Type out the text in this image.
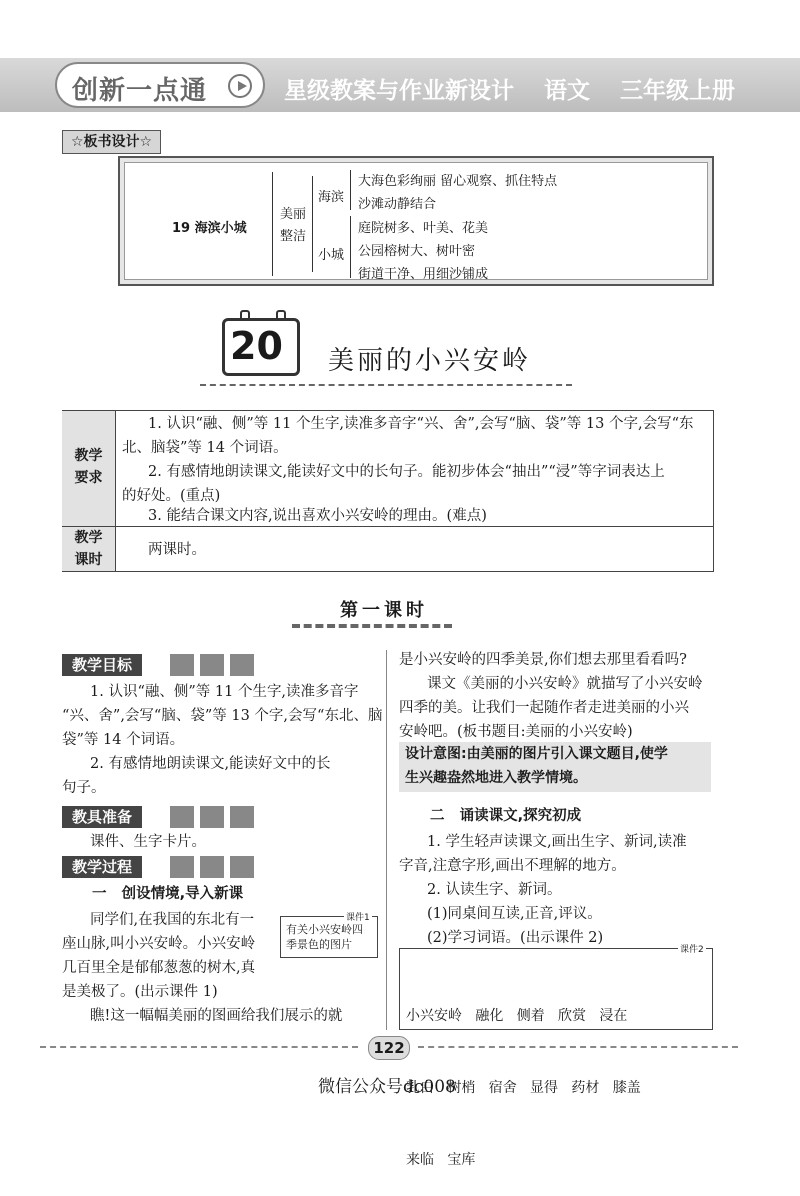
创新一点通	星级教案与作业新设计 语文 三年级上册
☆板书设计☆
19 海滨小城
美丽
整洁
海滨
小城
大海色彩绚丽 留心观察、抓住特点
沙滩动静结合
庭院树多、叶美、花美
公园榕树大、树叶密
街道干净、用细沙铺成
20 美丽的小兴安岭
教学
要求
教学
课时
1. 认识“融、侧”等 11 个生字,读准多音字“兴、舍”,会写“脑、袋”等 13 个字,会写“东
北、脑袋”等 14 个词语。
2. 有感情地朗读课文,能读好文中的长句子。能初步体会“抽出”“浸”等字词表达上
的好处。(重点)
3. 能结合课文内容,说出喜欢小兴安岭的理由。(难点)
两课时。
第一课时
教学目标
1. 认识“融、侧”等 11 个生字,读准多音字
“兴、舍”,会写“脑、袋”等 13 个字,会写“东北、脑
袋”等 14 个词语。
2. 有感情地朗读课文,能读好文中的长
句子。
教具准备
课件、生字卡片。
教学过程
一   创设情境,导入新课
同学们,在我国的东北有一
座山脉,叫小兴安岭。小兴安岭
几百里全是郁郁葱葱的树木,真
是美极了。(出示课件 1)
瞧!这一幅幅美丽的图画给我们展示的就
课件1
有关小兴安岭四
季景色的图片
是小兴安岭的四季美景,你们想去那里看看吗?
课文《美丽的小兴安岭》就描写了小兴安岭
四季的美。让我们一起随作者走进美丽的小兴
安岭吧。(板书题目:美丽的小兴安岭)
设计意图:由美丽的图片引入课文题目,使学
生兴趣盎然地进入教学情境。
二   诵读课文,探究初成
1. 学生轻声读课文,画出生字、新词,读准
字音,注意字形,画出不理解的地方。
2. 认读生字、新词。
(1)同桌间互读,正音,评议。
(2)学习词语。(出示课件 2)
课件2

小兴安岭   融化   侧着   欣赏   浸在

乳白   树梢   宿舍   显得   药材   膝盖

来临   宝库

122
微信公众号dc008
